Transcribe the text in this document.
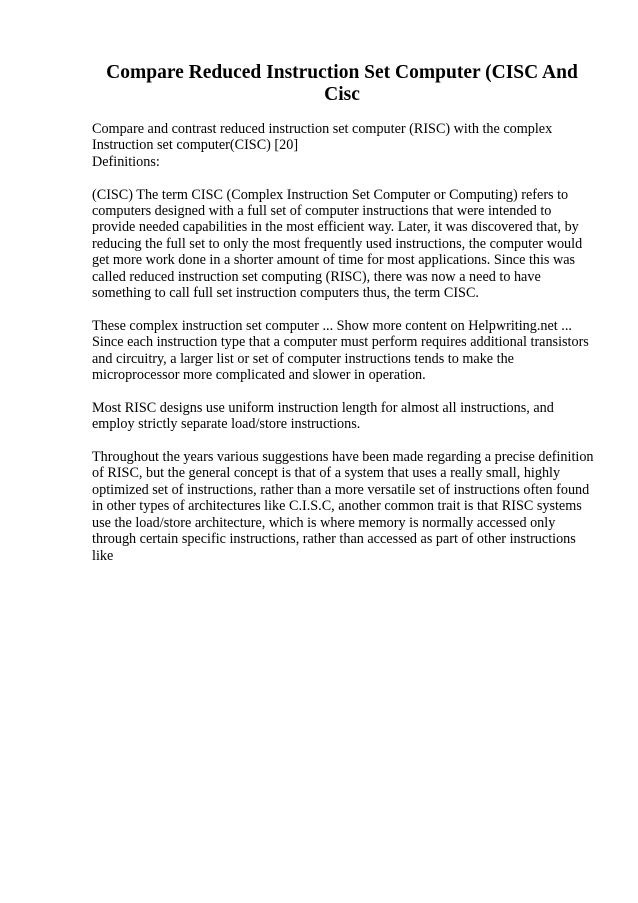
Compare Reduced Instruction Set Computer (CISC And Cisc

Compare and contrast reduced instruction set computer (RISC) with the complex Instruction set computer(CISC) [20]

Definitions:

(CISC) The term CISC (Complex Instruction Set Computer or Computing) refers to computers designed with a full set of computer instructions that were intended to provide needed capabilities in the most efficient way. Later, it was discovered that, by reducing the full set to only the most frequently used instructions, the computer would get more work done in a shorter amount of time for most applications. Since this was called reduced instruction set computing (RISC), there was now a need to have something to call full set instruction computers thus, the term CISC.

These complex instruction set computer ... Show more content on Helpwriting.net ... Since each instruction type that a computer must perform requires additional transistors and circuitry, a larger list or set of computer instructions tends to make the microprocessor more complicated and slower in operation.

Most RISC designs use uniform instruction length for almost all instructions, and employ strictly separate load/store instructions.

Throughout the years various suggestions have been made regarding a precise definition of RISC, but the general concept is that of a system that uses a really small, highly optimized set of instructions, rather than a more versatile set of instructions often found in other types of architectures like C.I.S.C, another common trait is that RISC systems use the load/store architecture, which is where memory is normally accessed only through certain specific instructions, rather than accessed as part of other instructions like
